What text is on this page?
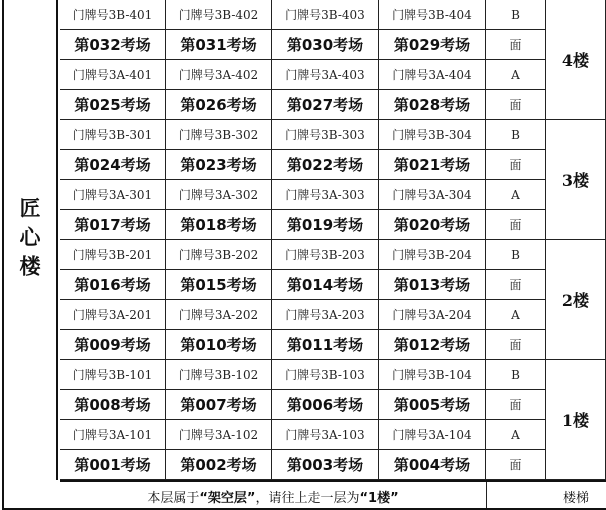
匠心楼
门牌号3B-401
第032考场
门牌号3B-402
第031考场
门牌号3B-403
第030考场
门牌号3B-404
第029考场
B
面
门牌号3A-401
第025考场
门牌号3A-402
第026考场
门牌号3A-403
第027考场
门牌号3A-404
第028考场
A
面
4楼
门牌号3B-301
第024考场
门牌号3B-302
第023考场
门牌号3B-303
第022考场
门牌号3B-304
第021考场
B
面
门牌号3A-301
第017考场
门牌号3A-302
第018考场
门牌号3A-303
第019考场
门牌号3A-304
第020考场
A
面
3楼
门牌号3B-201
第016考场
门牌号3B-202
第015考场
门牌号3B-203
第014考场
门牌号3B-204
第013考场
B
面
门牌号3A-201
第009考场
门牌号3A-202
第010考场
门牌号3A-203
第011考场
门牌号3A-204
第012考场
A
面
2楼
门牌号3B-101
第008考场
门牌号3B-102
第007考场
门牌号3B-103
第006考场
门牌号3B-104
第005考场
B
面
门牌号3A-101
第001考场
门牌号3A-102
第002考场
门牌号3A-103
第003考场
门牌号3A-104
第004考场
A
面
1楼
本层属于 “架空层” ，请往上走一层为 “1楼”	楼梯
